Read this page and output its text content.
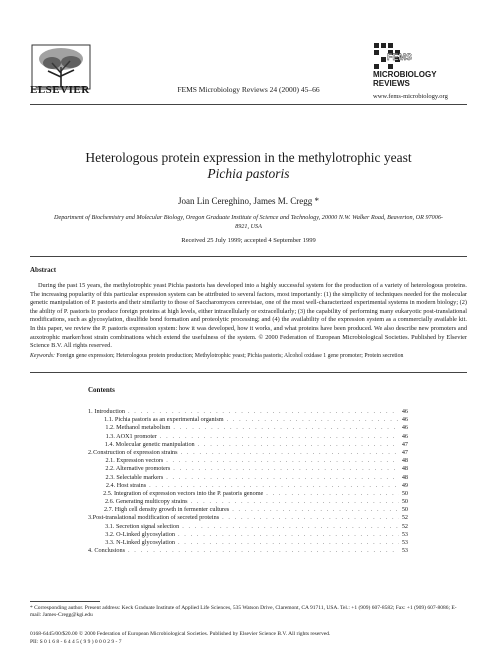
ELSEVIER	FEMS Microbiology Reviews 24 (2000) 45–66
FEMS
MICROBIOLOGY
REVIEWS
www.fems-microbiology.org
Heterologous protein expression in the methylotrophic yeast
Pichia pastoris
Joan Lin Cereghino, James M. Cregg *
Department of Biochemistry and Molecular Biology, Oregon Graduate Institute of Science and Technology, 20000 N.W. Walker Road, Beaverton, OR 97006-8921, USA
Received 25 July 1999; accepted 4 September 1999
Abstract
During the past 15 years, the methylotrophic yeast Pichia pastoris has developed into a highly successful system for the production of a variety of heterologous proteins. The increasing popularity of this particular expression system can be attributed to several factors, most importantly: (1) the simplicity of techniques needed for the molecular genetic manipulation of P. pastoris and their similarity to those of Saccharomyces cerevisiae, one of the most well-characterized experimental systems in modern biology; (2) the ability of P. pastoris to produce foreign proteins at high levels, either intracellularly or extracellularly; (3) the capability of performing many eukaryotic post-translational modifications, such as glycosylation, disulfide bond formation and proteolytic processing; and (4) the availability of the expression system as a commercially available kit. In this paper, we review the P. pastoris expression system: how it was developed, how it works, and what proteins have been produced. We also describe new promoters and auxotrophic marker/host strain combinations which extend the usefulness of the system. © 2000 Federation of European Microbiological Societies. Published by Elsevier Science B.V. All rights reserved.
Keywords: Foreign gene expression; Heterologous protein production; Methylotrophic yeast; Pichia pastoris; Alcohol oxidase 1 gene promoter; Protein secretion
Contents
1. Introduction . . .	46
1.1. Pichia pastoris as an experimental organism . . .	46
1.2. Methanol metabolism . . .	46
1.3. AOX1 promoter . . .	46
1.4. Molecular genetic manipulation . . .	47
2. Construction of expression strains . . .	47
2.1. Expression vectors . . .	48
2.2. Alternative promoters . . .	48
2.3. Selectable markers . . .	48
2.4. Host strains . . .	49
2.5. Integration of expression vectors into the P. pastoris genome . . .	50
2.6. Generating multicopy strains . . .	50
2.7. High cell density growth in fermenter cultures . . .	50
3. Post-translational modification of secreted proteins . . .	52
3.1. Secretion signal selection . . .	52
3.2. O-Linked glycosylation . . .	53
3.3. N-Linked glycosylation . . .	53
4. Conclusions . . .	53
* Corresponding author. Present address: Keck Graduate Institute of Applied Life Sciences, 535 Watson Drive, Claremont, CA 91711, USA. Tel.: +1 (909) 607-8582; Fax: +1 (909) 607-8086; E-mail: James-Cregg@kgi.edu
0168-6445/00/$20.00 © 2000 Federation of European Microbiological Societies. Published by Elsevier Science B.V. All rights reserved.
PII: S 0 1 6 8 - 6 4 4 5 ( 9 9 ) 0 0 0 2 9 - 7
